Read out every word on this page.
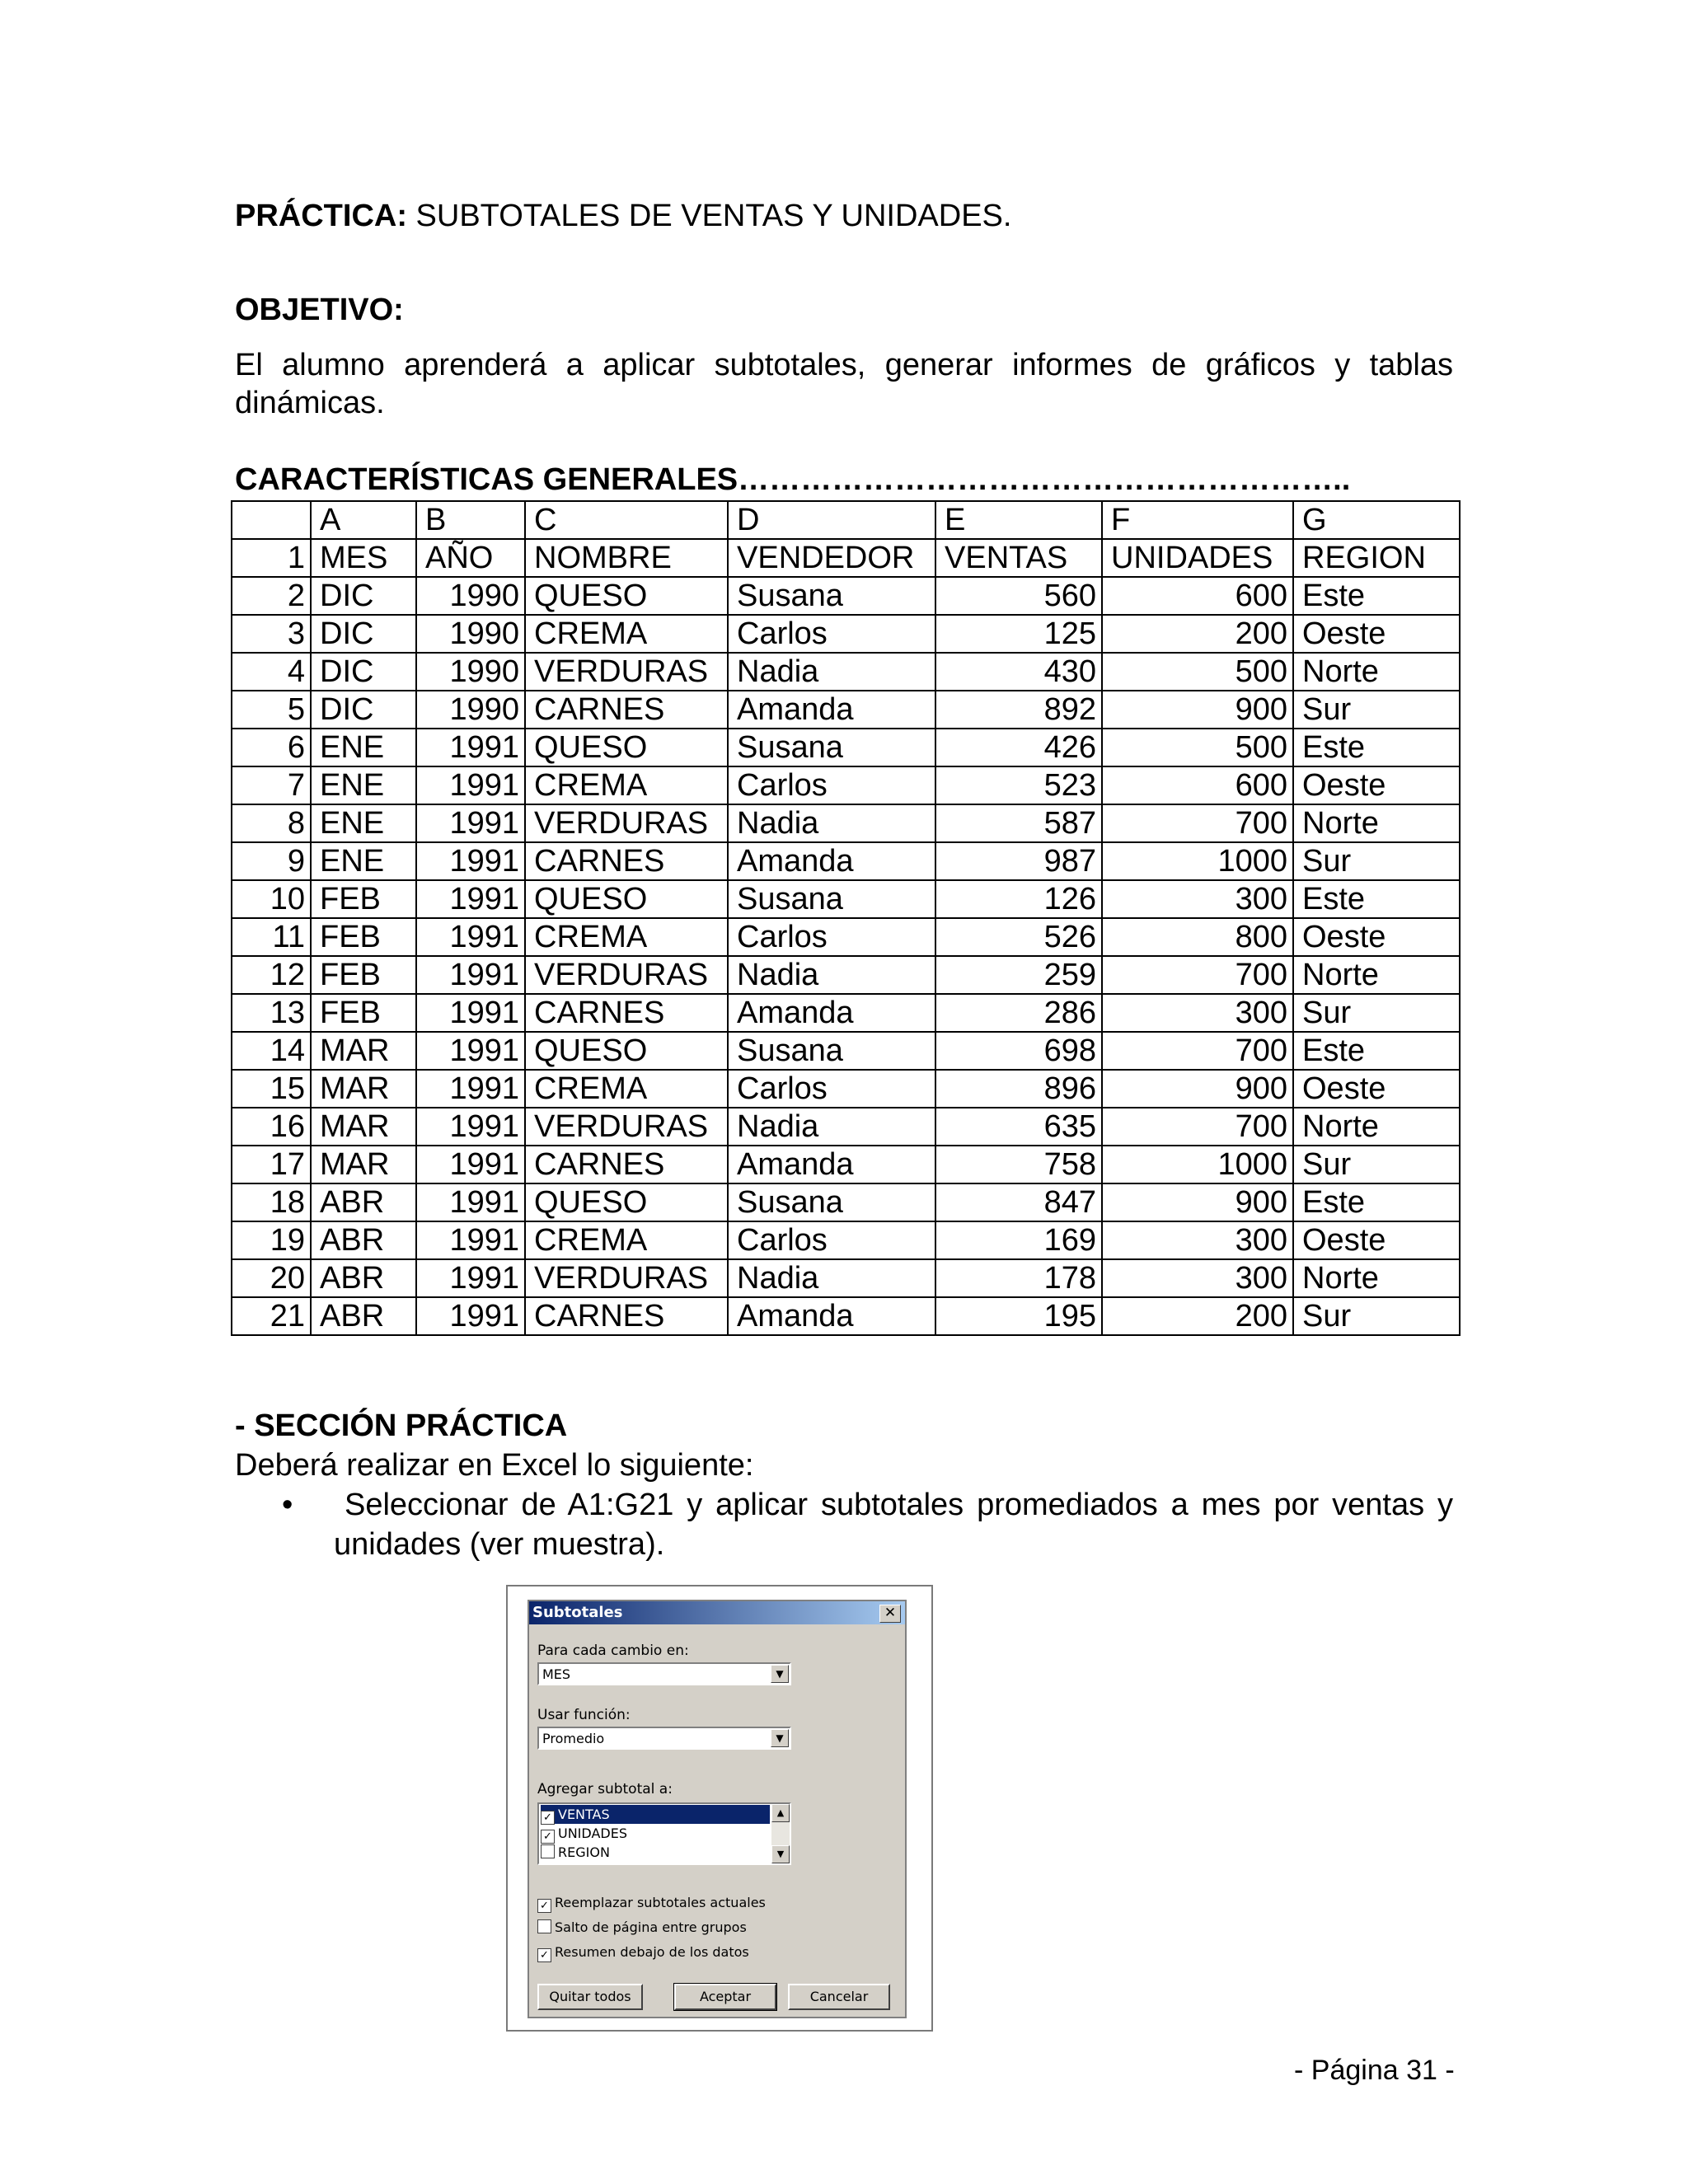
PRÁCTICA: SUBTOTALES DE VENTAS Y UNIDADES.
OBJETIVO:
El alumno aprenderá a aplicar subtotales, generar informes de gráficos y tablas dinámicas.
CARACTERÍSTICAS GENERALES…………………………………………………..
	A	B	C	D	E	F	G
1	MES	AÑO	NOMBRE	VENDEDOR	VENTAS	UNIDADES	REGION
2	DIC	1990	QUESO	Susana	560	600	Este
3	DIC	1990	CREMA	Carlos	125	200	Oeste
4	DIC	1990	VERDURAS	Nadia	430	500	Norte
5	DIC	1990	CARNES	Amanda	892	900	Sur
6	ENE	1991	QUESO	Susana	426	500	Este
7	ENE	1991	CREMA	Carlos	523	600	Oeste
8	ENE	1991	VERDURAS	Nadia	587	700	Norte
9	ENE	1991	CARNES	Amanda	987	1000	Sur
10	FEB	1991	QUESO	Susana	126	300	Este
11	FEB	1991	CREMA	Carlos	526	800	Oeste
12	FEB	1991	VERDURAS	Nadia	259	700	Norte
13	FEB	1991	CARNES	Amanda	286	300	Sur
14	MAR	1991	QUESO	Susana	698	700	Este
15	MAR	1991	CREMA	Carlos	896	900	Oeste
16	MAR	1991	VERDURAS	Nadia	635	700	Norte
17	MAR	1991	CARNES	Amanda	758	1000	Sur
18	ABR	1991	QUESO	Susana	847	900	Este
19	ABR	1991	CREMA	Carlos	169	300	Oeste
20	ABR	1991	VERDURAS	Nadia	178	300	Norte
21	ABR	1991	CARNES	Amanda	195	200	Sur
- SECCIÓN PRÁCTICA
Deberá realizar en Excel lo siguiente:
•	Seleccionar de A1:G21 y aplicar subtotales promediados a mes por ventas y unidades (ver muestra).
Subtotales	✕
Para cada cambio en:
MES	▼
Usar función:
Promedio	▼
Agregar subtotal a:
✓ VENTAS
✓ UNIDADES
REGION
▲
▼
✓ Reemplazar subtotales actuales
Salto de página entre grupos
✓ Resumen debajo de los datos
Quitar todos	Aceptar	Cancelar
- Página 31 -
